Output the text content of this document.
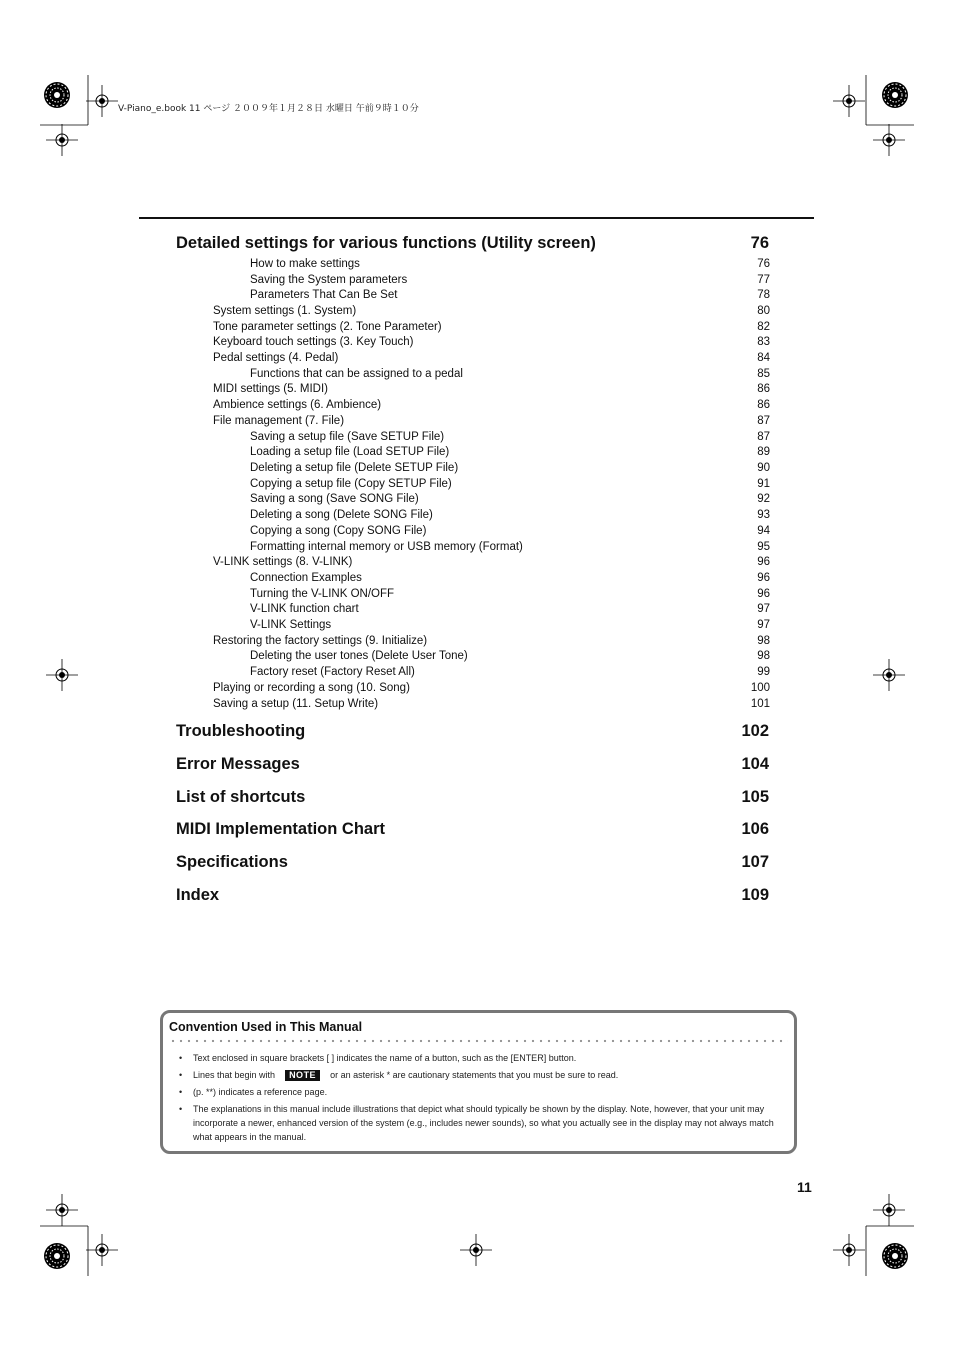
V-Piano_e.book 11 ページ ２００９年１月２８日 水曜日 午前９時１０分
Detailed settings for various functions (Utility screen)	76
How to make settings	76
Saving the System parameters	77
Parameters That Can Be Set	78
System settings (1. System)	80
Tone parameter settings (2. Tone Parameter)	82
Keyboard touch settings (3. Key Touch)	83
Pedal settings (4. Pedal)	84
Functions that can be assigned to a pedal	85
MIDI settings (5. MIDI)	86
Ambience settings (6. Ambience)	86
File management (7. File)	87
Saving a setup file (Save SETUP File)	87
Loading a setup file (Load SETUP File)	89
Deleting a setup file (Delete SETUP File)	90
Copying a setup file (Copy SETUP File)	91
Saving a song (Save SONG File)	92
Deleting a song (Delete SONG File)	93
Copying a song (Copy SONG File)	94
Formatting internal memory or USB memory (Format)	95
V-LINK settings (8. V-LINK)	96
Connection Examples	96
Turning the V-LINK ON/OFF	96
V-LINK function chart	97
V-LINK Settings	97
Restoring the factory settings (9. Initialize)	98
Deleting the user tones (Delete User Tone)	98
Factory reset (Factory Reset All)	99
Playing or recording a song (10. Song)	100
Saving a setup (11. Setup Write)	101
Troubleshooting	102
Error Messages	104
List of shortcuts	105
MIDI Implementation Chart	106
Specifications	107
Index	109
Convention Used in This Manual
• Text enclosed in square brackets [ ] indicates the name of a button, such as the [ENTER] button.
• Lines that begin with NOTE or an asterisk * are cautionary statements that you must be sure to read.
• (p. **) indicates a reference page.
• The explanations in this manual include illustrations that depict what should typically be shown by the display. Note, however, that your unit may incorporate a newer, enhanced version of the system (e.g., includes newer sounds), so what you actually see in the display may not always match what appears in the manual.
11
